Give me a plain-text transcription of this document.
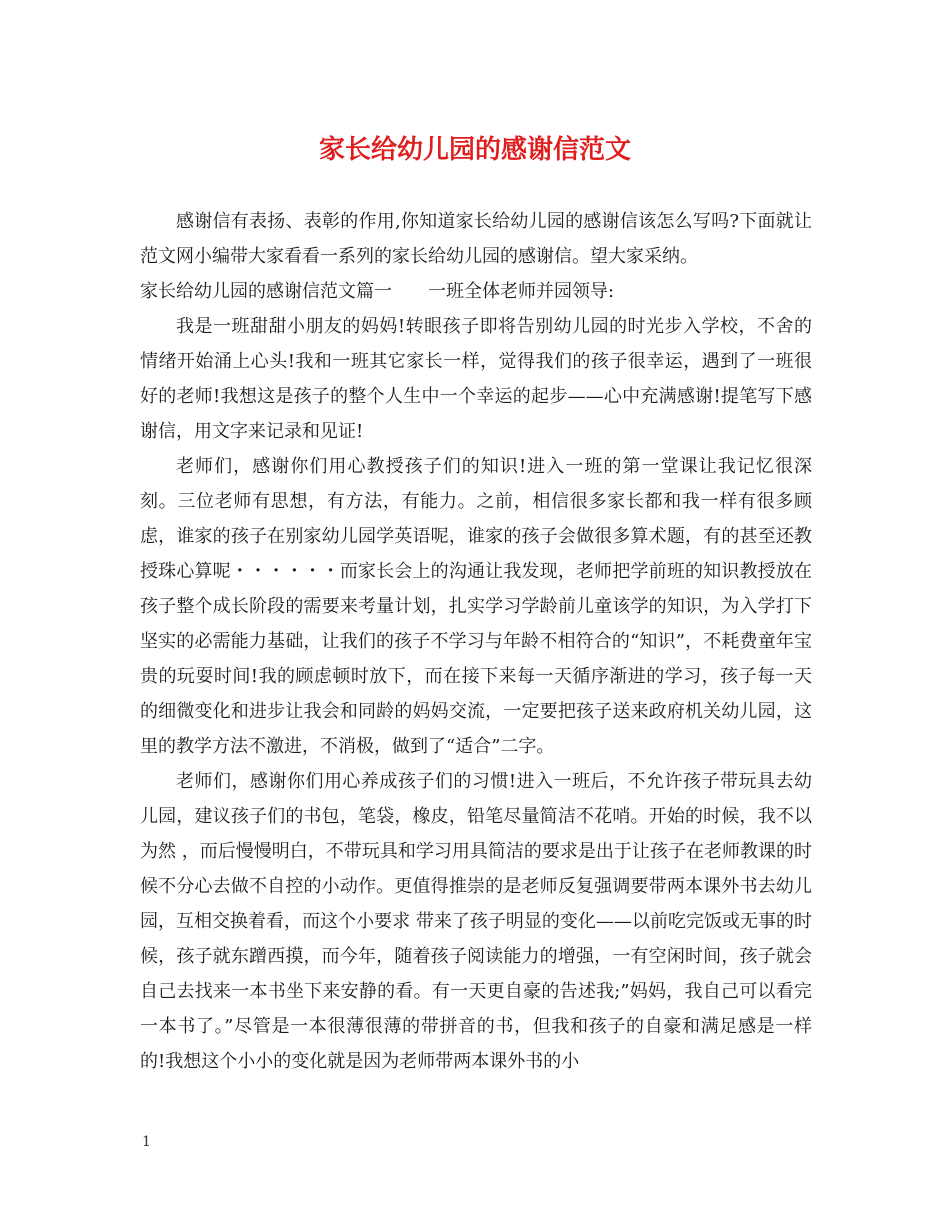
家长给幼儿园的感谢信范文

感谢信有表扬、表彰的作用,你知道家长给幼儿园的感谢信该怎么写吗?下面就让范文网小编带大家看看一系列的家长给幼儿园的感谢信。望大家采纳。

家长给幼儿园的感谢信范文篇一　　一班全体老师并园领导:

我是一班甜甜小朋友的妈妈!转眼孩子即将告别幼儿园的时光步入学校，不舍的情绪开始涌上心头!我和一班其它家长一样，觉得我们的孩子很幸运，遇到了一班很好的老师!我想这是孩子的整个人生中一个幸运的起步——心中充满感谢!提笔写下感谢信，用文字来记录和见证!

老师们，感谢你们用心教授孩子们的知识!进入一班的第一堂课让我记忆很深刻。三位老师有思想，有方法，有能力。之前，相信很多家长都和我一样有很多顾虑，谁家的孩子在别家幼儿园学英语呢，谁家的孩子会做很多算术题，有的甚至还教授珠心算呢・・・・・・而家长会上的沟通让我发现，老师把学前班的知识教授放在孩子整个成长阶段的需要来考量计划，扎实学习学龄前儿童该学的知识，为入学打下坚实的必需能力基础，让我们的孩子不学习与年龄不相符合的“知识”，不耗费童年宝贵的玩耍时间!我的顾虑顿时放下，而在接下来每一天循序渐进的学习，孩子每一天的细微变化和进步让我会和同龄的妈妈交流，一定要把孩子送来政府机关幼儿园，这里的教学方法不激进，不消极，做到了“适合”二字。

老师们，感谢你们用心养成孩子们的习惯!进入一班后，不允许孩子带玩具去幼儿园，建议孩子们的书包，笔袋，橡皮，铅笔尽量简洁不花哨。开始的时候，我不以为然 ，而后慢慢明白，不带玩具和学习用具简洁的要求是出于让孩子在老师教课的时候不分心去做不自控的小动作。更值得推崇的是老师反复强调要带两本课外书去幼儿园，互相交换着看，而这个小要求 带来了孩子明显的变化——以前吃完饭或无事的时候，孩子就东蹭西摸，而今年，随着孩子阅读能力的增强，一有空闲时间，孩子就会自己去找来一本书坐下来安静的看。有一天更自豪的告述我;”妈妈，我自己可以看完一本书了。”尽管是一本很薄很薄的带拼音的书，但我和孩子的自豪和满足感是一样的!我想这个小小的变化就是因为老师带两本课外书的小

1
